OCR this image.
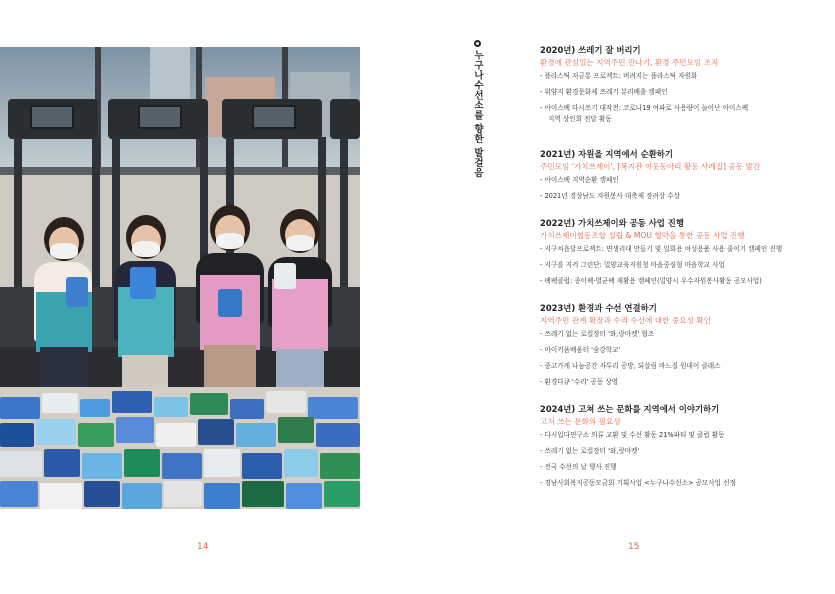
14
누구나수선소를 향한 발걸음	2020년) 쓰레기 잘 버리기

환경에 관심있는 지역주민 만나기, 환경 주민모임 조직

- 플라스틱 저금통 프로젝트: 버려지는 플라스틱 자원화

- 위양지 환경문화제 쓰레기 분리배출 캠페인

- 아이스팩 다시쓰기 대작전: 코로나19 여파로 사용량이 늘어난 아이스팩

지역 상인회 전달 활동

2021년) 자원을 지역에서 순환하기

주민모임 '가치쓰제이', [복지관 이웃동아리 활동 사례집] 공동 발간

- 아이스팩 지역순환 캠페인

- 2021년 경상남도 자원봉사 대축제 장려상 수상

2022년) 가치쓰제이와 공동 사업 진행

가치쓰제이협동조합 설립 & MOU 협약을 통한 공동 사업 진행

- 지구처음달프로젝트: 면생리대 만들기 및 일회용 여성용품 사용 줄이기 캠페인 진행

- 지구를 지켜 그린단: 밀양교육지원청 마을중심형 마을학교 사업

- 팩팩클럽: 종이팩·멸균팩 재활용 캠페인(밀양시 우수자원봉사활동 공모사업)

2023년) 환경과 수선 연결하기

지역주민 관계 확장과 수리 수선에 대한 중요성 확인

- 쓰레기 없는 로컬장터 '와,랑마켓' 협조

- 아이키움배움터 '숲강학교'

- 중고가게 나눔공간 자투리 공방, 되살림 바느질 원데이 클래스

- 환경다큐 '수리' 공동 상영

2024년) 고쳐 쓰는 문화를 지역에서 이야기하기

고쳐 쓰는 문화의 필요성

- 다시입다연구소 의류 교환 및 수선 활동 21%파티 및 클럽 활동

- 쓰레기 없는 로컬장터 '와,랑마켓'

- 전국 수선의 날 행사 진행

- 경남사회복지공동모금회 기획사업 <누구나수선소> 공모사업 선정

15
